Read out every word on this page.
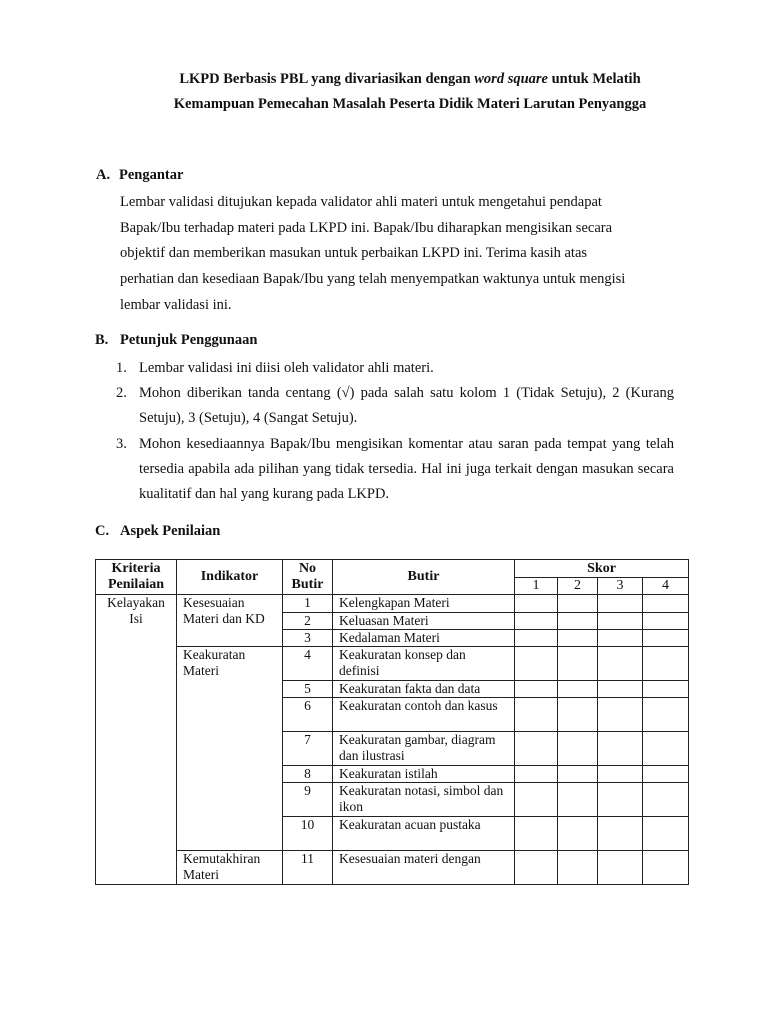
LKPD Berbasis PBL yang divariasikan dengan word square untuk Melatih
Kemampuan Pemecahan Masalah Peserta Didik Materi Larutan Penyangga
A. Pengantar
Lembar validasi ditujukan kepada validator ahli materi untuk mengetahui pendapat
Bapak/Ibu terhadap materi pada LKPD ini. Bapak/Ibu diharapkan mengisikan secara
objektif dan memberikan masukan untuk perbaikan LKPD ini. Terima kasih atas
perhatian dan kesediaan Bapak/Ibu yang telah menyempatkan waktunya untuk mengisi
lembar validasi ini.
B. Petunjuk Penggunaan
1. Lembar validasi ini diisi oleh validator ahli materi.
2. Mohon diberikan tanda centang (√) pada salah satu kolom 1 (Tidak Setuju), 2 (Kurang Setuju), 3 (Setuju), 4 (Sangat Setuju).
3. Mohon kesediaannya Bapak/Ibu mengisikan komentar atau saran pada tempat yang telah tersedia apabila ada pilihan yang tidak tersedia. Hal ini juga terkait dengan masukan secara kualitatif dan hal yang kurang pada LKPD.
C. Aspek Penilaian
Kriteria Penilaian	Indikator	No Butir	Butir	Skor			
				1	2	3	4
Kelayakan Isi	Kesesuaian Materi dan KD	1	Kelengkapan Materi				
		2	Keluasan Materi				
		3	Kedalaman Materi				
	Keakuratan Materi	4	Keakuratan konsep dan definisi				
		5	Keakuratan fakta dan data				
		6	Keakuratan contoh dan kasus				
		7	Keakuratan gambar, diagram dan ilustrasi				
		8	Keakuratan istilah				
		9	Keakuratan notasi, simbol dan ikon				
		10	Keakuratan acuan pustaka				
	Kemutakhiran Materi	11	Kesesuaian materi dengan				
